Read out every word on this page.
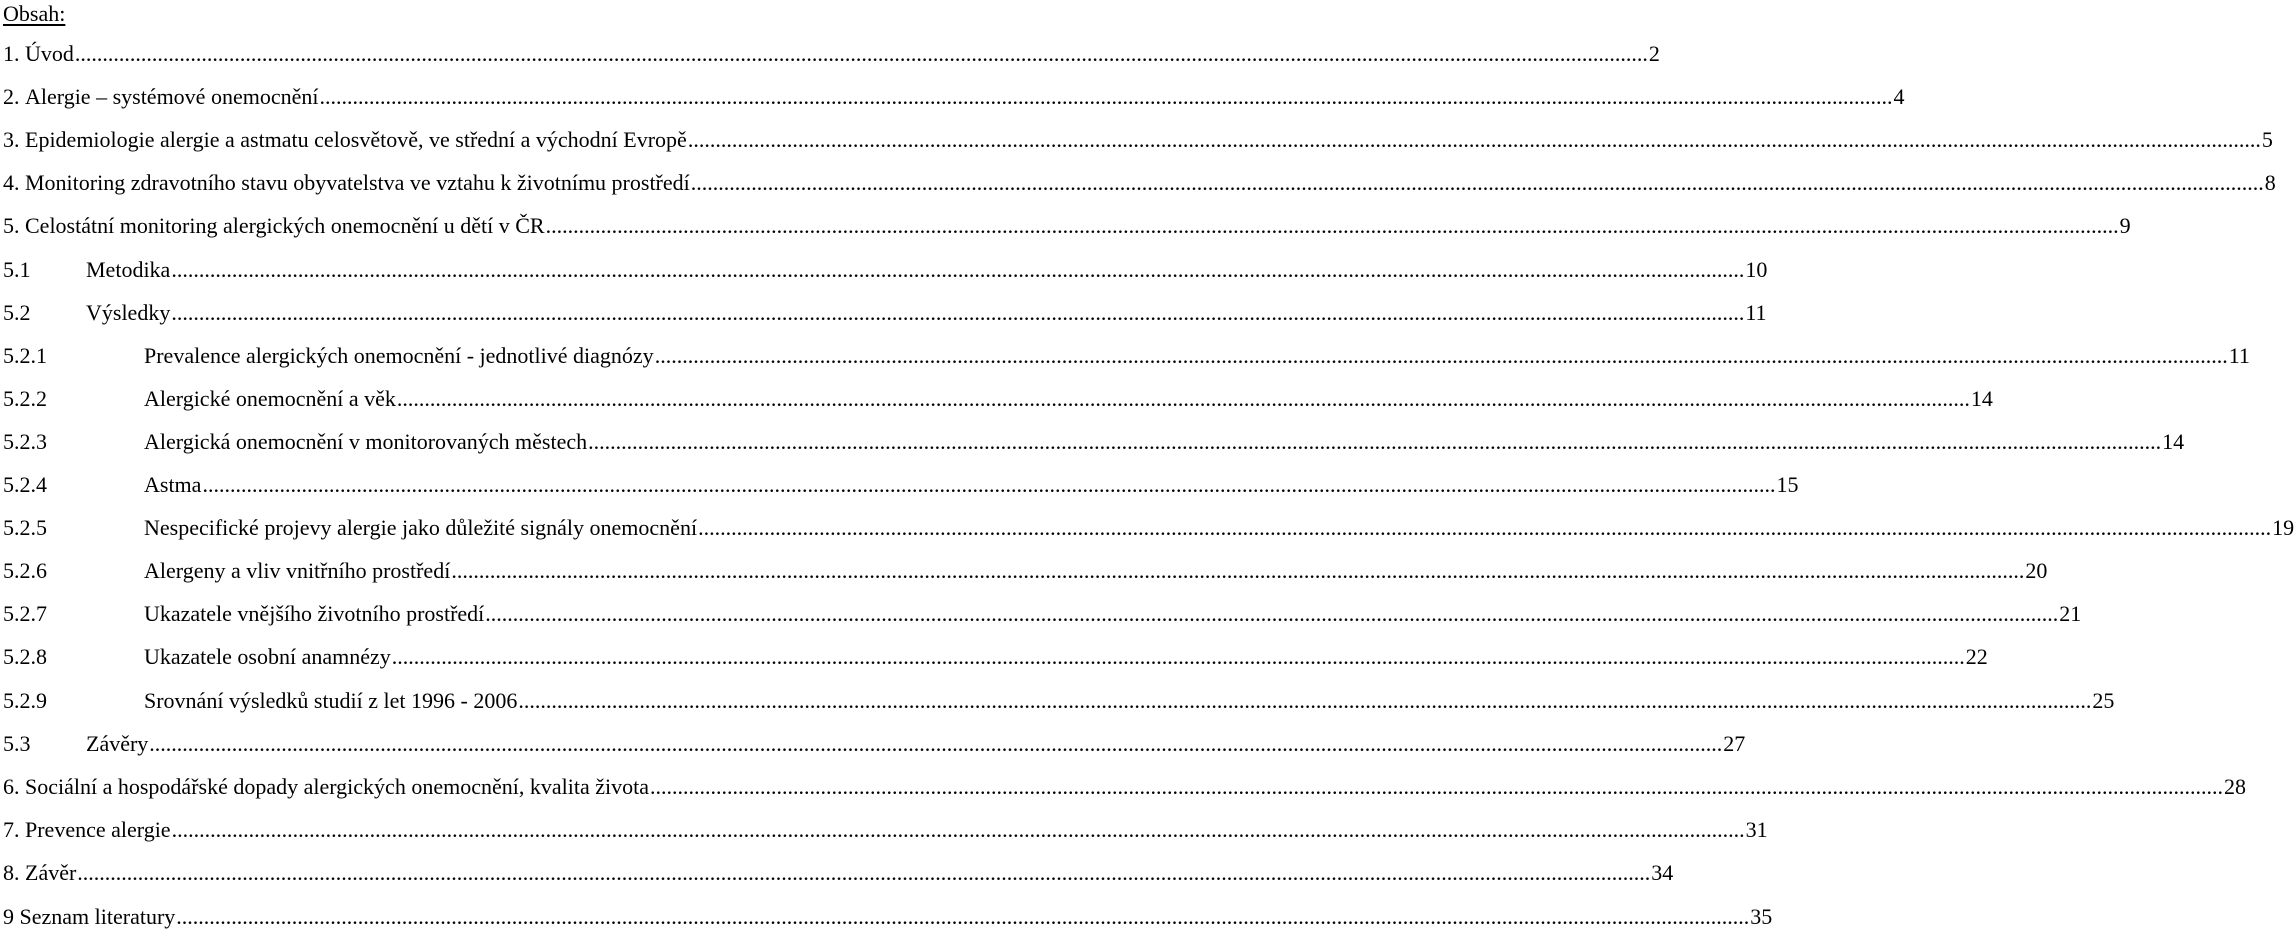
Obsah:
1. Úvod .............................................................................................................................................................................................................................................................................................. 2
2. Alergie – systémové onemocnění .............................................................................................................................................................................................................................................................................................. 4
3. Epidemiologie alergie a astmatu celosvětově, ve střední a východní Evropě .............................................................................................................................................................................................................................................................................................. 5
4. Monitoring zdravotního stavu obyvatelstva ve vztahu k životnímu prostředí .............................................................................................................................................................................................................................................................................................. 8
5. Celostátní monitoring alergických onemocnění u dětí v ČR .............................................................................................................................................................................................................................................................................................. 9
5.1	Metodika .............................................................................................................................................................................................................................................................................................. 10
5.2	Výsledky .............................................................................................................................................................................................................................................................................................. 11
5.2.1	Prevalence alergických onemocnění - jednotlivé diagnózy .............................................................................................................................................................................................................................................................................................. 11
5.2.2	Alergické onemocnění a věk .............................................................................................................................................................................................................................................................................................. 14
5.2.3	Alergická onemocnění v monitorovaných městech .............................................................................................................................................................................................................................................................................................. 14
5.2.4	Astma .............................................................................................................................................................................................................................................................................................. 15
5.2.5	Nespecifické projevy alergie jako důležité signály onemocnění .............................................................................................................................................................................................................................................................................................. 19
5.2.6	Alergeny a vliv vnitřního prostředí .............................................................................................................................................................................................................................................................................................. 20
5.2.7	Ukazatele vnějšího životního prostředí .............................................................................................................................................................................................................................................................................................. 21
5.2.8	Ukazatele osobní anamnézy .............................................................................................................................................................................................................................................................................................. 22
5.2.9	Srovnání výsledků studií z let 1996 - 2006 .............................................................................................................................................................................................................................................................................................. 25
5.3	Závěry .............................................................................................................................................................................................................................................................................................. 27
6. Sociální a hospodářské dopady alergických onemocnění, kvalita života .............................................................................................................................................................................................................................................................................................. 28
7. Prevence alergie .............................................................................................................................................................................................................................................................................................. 31
8. Závěr .............................................................................................................................................................................................................................................................................................. 34
9 Seznam literatury .............................................................................................................................................................................................................................................................................................. 35
